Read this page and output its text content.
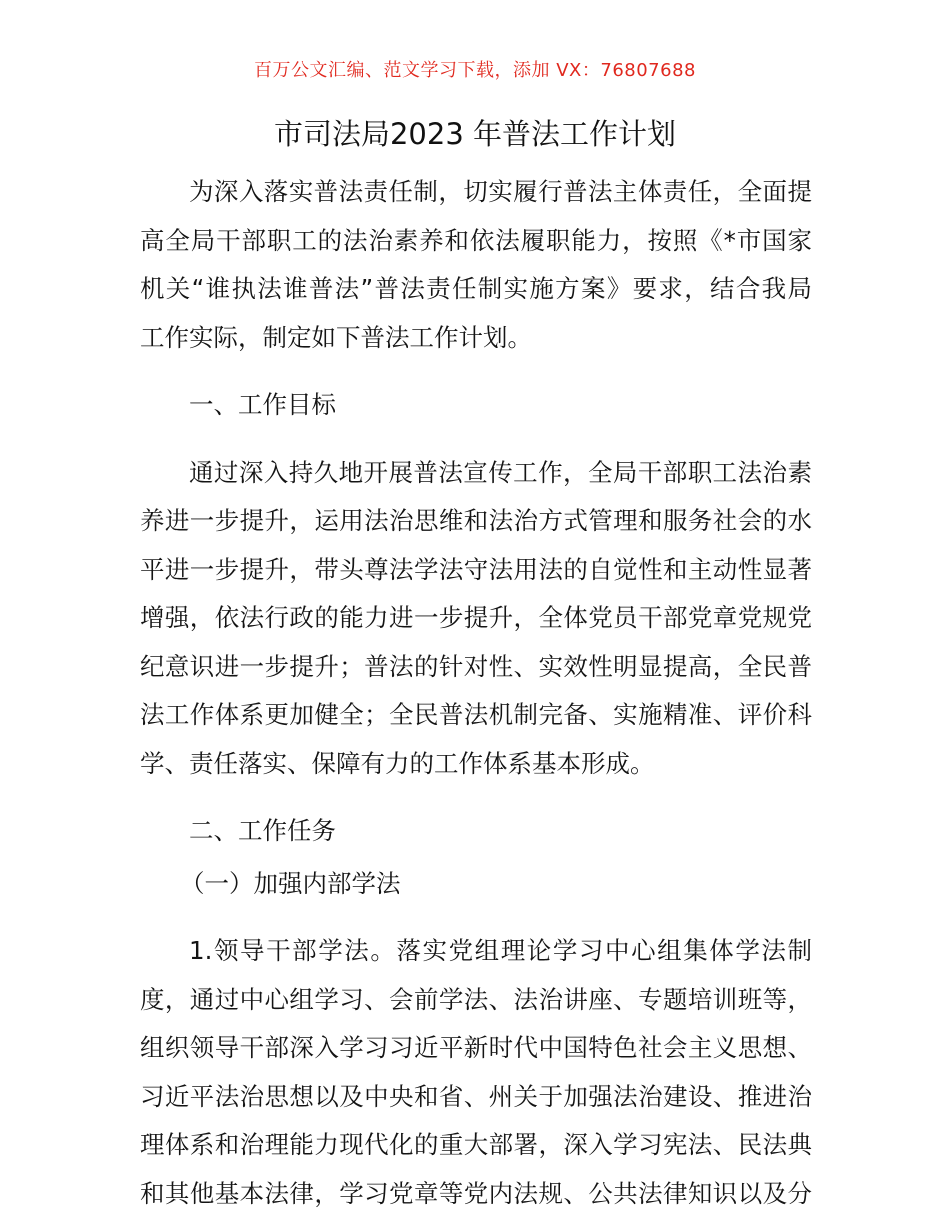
百万公文汇编、范文学习下载，添加 VX：76807688
市司法局2023 年普法工作计划
为深入落实普法责任制，切实履行普法主体责任，全面提
高全局干部职工的法治素养和依法履职能力，按照《*市国家
机关“谁执法谁普法”普法责任制实施方案》要求，结合我局
工作实际，制定如下普法工作计划。
一、工作目标
通过深入持久地开展普法宣传工作，全局干部职工法治素
养进一步提升，运用法治思维和法治方式管理和服务社会的水
平进一步提升，带头尊法学法守法用法的自觉性和主动性显著
增强，依法行政的能力进一步提升，全体党员干部党章党规党
纪意识进一步提升；普法的针对性、实效性明显提高，全民普
法工作体系更加健全；全民普法机制完备、实施精准、评价科
学、责任落实、保障有力的工作体系基本形成。
二、工作任务
（一）加强内部学法
1.领导干部学法。落实党组理论学习中心组集体学法制
度，通过中心组学习、会前学法、法治讲座、专题培训班等，
组织领导干部深入学习习近平新时代中国特色社会主义思想、
习近平法治思想以及中央和省、州关于加强法治建设、推进治
理体系和治理能力现代化的重大部署，深入学习宪法、民法典
和其他基本法律，学习党章等党内法规、公共法律知识以及分
